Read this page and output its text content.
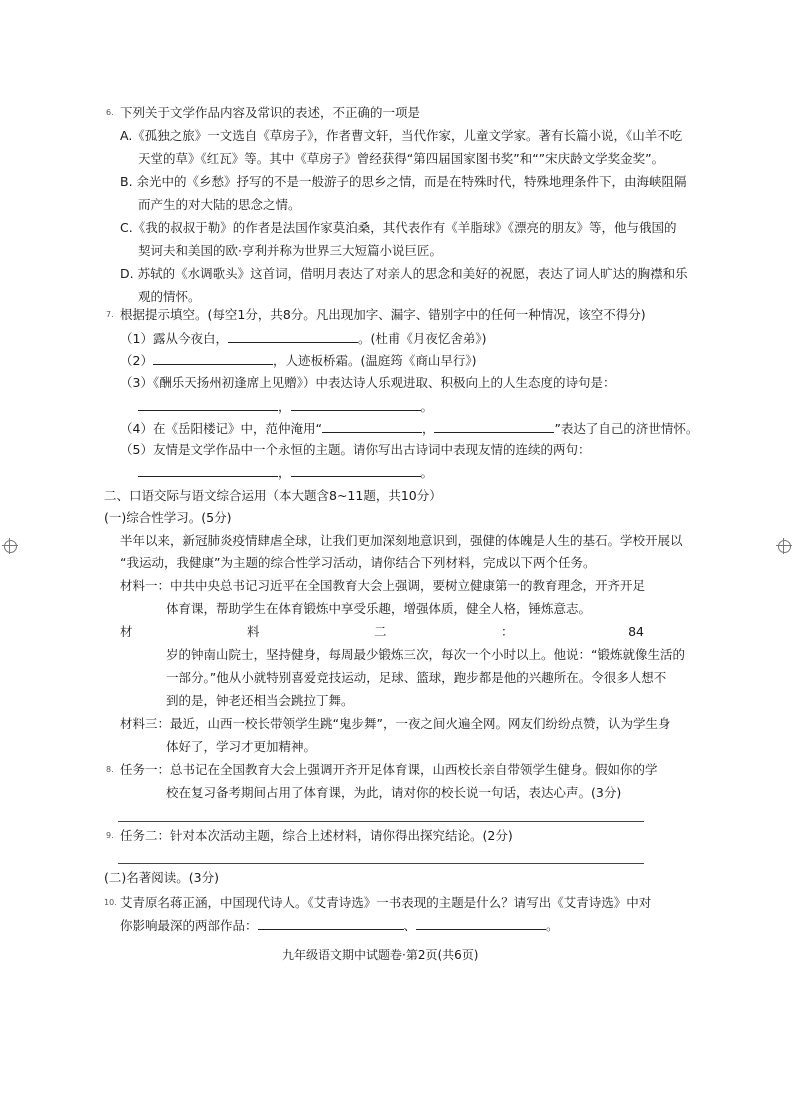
6. 下列关于文学作品内容及常识的表述，不正确的一项是
A.《孤独之旅》一文选自《草房子》，作者曹文轩，当代作家，儿童文学家。著有长篇小说，《山羊不吃
天堂的草》《红瓦》等。其中《草房子》曾经获得“第四届国家图书奖”和“”宋庆龄文学奖金奖”。
B. 余光中的《乡愁》抒写的不是一般游子的思乡之情，而是在特殊时代，特殊地理条件下，由海峡阻隔
而产生的对大陆的思念之情。
C.《我的叔叔于勒》的作者是法国作家莫泊桑，其代表作有《羊脂球》《漂亮的朋友》等，他与俄国的
契诃夫和美国的欧·亨利并称为世界三大短篇小说巨匠。
D. 苏轼的《水调歌头》这首词，借明月表达了对亲人的思念和美好的祝愿，表达了词人旷达的胸襟和乐
观的情怀。
7. 根据提示填空。(每空1分，共8分。凡出现加字、漏字、错别字中的任何一种情况，该空不得分)
（1）露从今夜白，	。(杜甫《月夜忆舍弟》)
（2）	，人迹板桥霜。(温庭筠《商山早行》)
（3）《酬乐天扬州初逢席上见赠》）中表达诗人乐观进取、积极向上的人生态度的诗句是：
，	。
（4）在《岳阳楼记》中，范仲淹用“	，	”表达了自己的济世情怀。
（5）友情是文学作品中一个永恒的主题。请你写出古诗词中表现友情的连续的两句：
，	。
二、口语交际与语文综合运用（本大题含8~11题，共10分）
(一)综合性学习。(5分)
半年以来，新冠肺炎疫情肆虐全球，让我们更加深刻地意识到，强健的体魄是人生的基石。学校开展以
“我运动，我健康”为主题的综合性学习活动，请你结合下列材料，完成以下两个任务。
材料一：中共中央总书记习近平在全国教育大会上强调，要树立健康第一的教育理念，开齐开足
体育课，帮助学生在体育锻炼中享受乐趣，增强体质，健全人格，锤炼意志。
材	料	二	：	84
岁的钟南山院士，坚持健身，每周最少锻炼三次，每次一个小时以上。他说：“锻炼就像生活的
一部分。”他从小就特别喜爱竞技运动，足球、篮球，跑步都是他的兴趣所在。令很多人想不
到的是，钟老还相当会跳拉丁舞。
材料三：最近，山西一校长带领学生跳“鬼步舞”，一夜之间火遍全网。网友们纷纷点赞，认为学生身
体好了，学习才更加精神。
8. 任务一：总书记在全国教育大会上强调开齐开足体育课，山西校长亲自带领学生健身。假如你的学
校在复习备考期间占用了体育课，为此，请对你的校长说一句话，表达心声。(3分)
9. 任务二：针对本次活动主题，综合上述材料，请你得出探究结论。(2分)
(二)名著阅读。(3分)
10. 艾青原名蒋正涵，中国现代诗人。《艾青诗选》一书表现的主题是什么？请写出《艾青诗选》中对
你影响最深的两部作品：	、	。
九年级语文期中试题卷·第2页(共6页)
